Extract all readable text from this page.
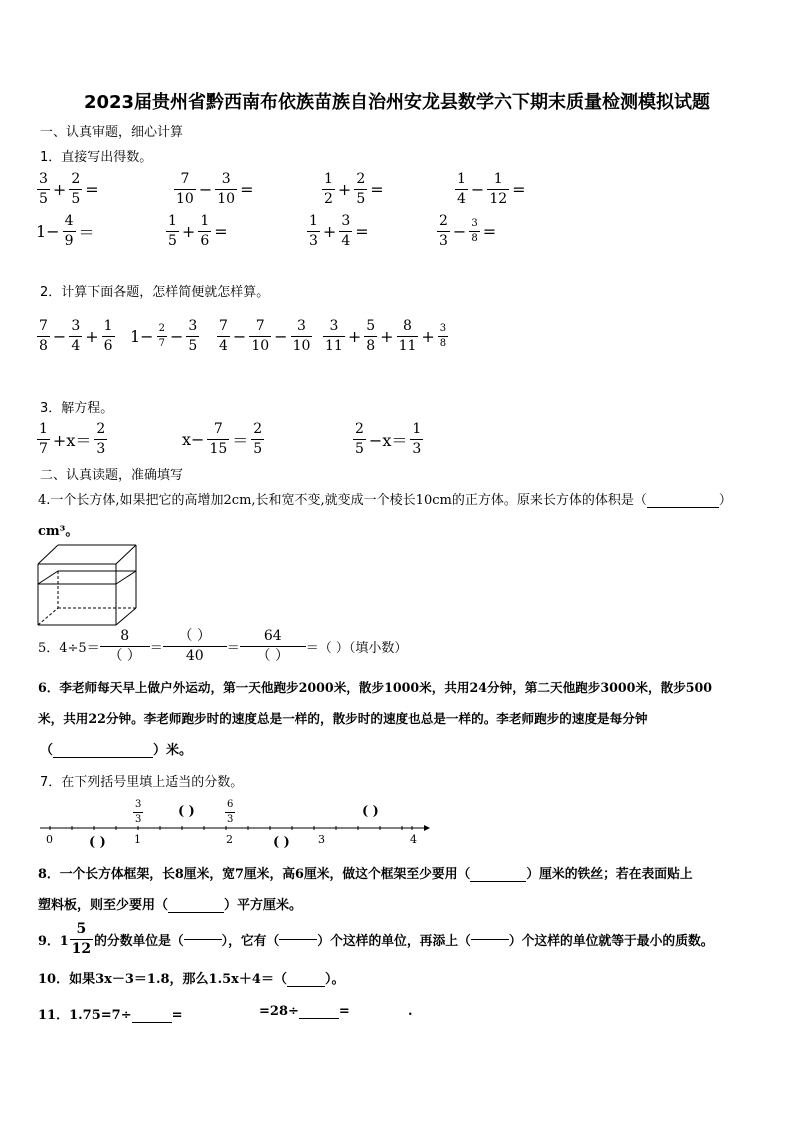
2023届贵州省黔西南布依族苗族自治州安龙县数学六下期末质量检测模拟试题
一、认真审题，细心计算
1．直接写出得数。
$\frac{3}{5} + \frac{2}{5}$ =	$\frac{7}{10} - \frac{3}{10}$ =	$\frac{1}{2} + \frac{2}{5}$ =	$\frac{1}{4} - \frac{1}{12}$ =
$1- \frac{4}{9}$ ＝	$\frac{1}{5} + \frac{1}{6}$ =	$\frac{1}{3} + \frac{3}{4}$ =	$\frac{2}{3} - \frac{3}{8}$ =
2．计算下面各题，怎样简便就怎样算。
$\frac{7}{8} - \frac{3}{4} + \frac{1}{6} 1- \frac{2}{7} - \frac{3}{5} \frac{7}{4} - \frac{7}{10} - \frac{3}{10} \frac{3}{11} + \frac{5}{8} + \frac{8}{11} + \frac{3}{8}$
3．解方程。
$\frac{1}{7} +x= \frac{2}{3}$	$x- \frac{7}{15} = \frac{2}{5}$	$\frac{2}{5} -x= \frac{1}{3}$
二、认真读题，准确填写
4.一个长方体,如果把它的高增加2cm,长和宽不变,就变成一个棱长10cm的正方体。原来长方体的体积是（	）
cm³。
5．$4\div 5= \frac{8}{( )} = \frac{( )}{40} = \frac{64}{( )}$ ＝ （ ）（填小数）
6．李老师每天早上做户外运动，第一天他跑步2000米，散步1000米，共用24分钟，第二天他跑步3000米，散步500
米，共用22分钟。李老师跑步时的速度总是一样的，散步时的速度也总是一样的。李老师跑步的速度是每分钟
（	）米。
7．在下列括号里填上适当的分数。
0	1	2	3	4
$\frac{3}{3}$	$\frac{6}{3}$
( )	( )
( )	( )
8．一个长方体框架，长8厘米，宽7厘米，高6厘米，做这个框架至少要用（	）厘米的铁丝；若在表面贴上
塑料板，则至少要用（	）平方厘米。
9．$1 \frac{5}{12}$ 的分数单位是（	），它有（	）个这样的单位，再添上（	）个这样的单位就等于最小的质数。
10．如果3x－3＝1.8，那么1.5x＋4＝（	）。
11．1.75=7÷	=	=28÷	=	.
